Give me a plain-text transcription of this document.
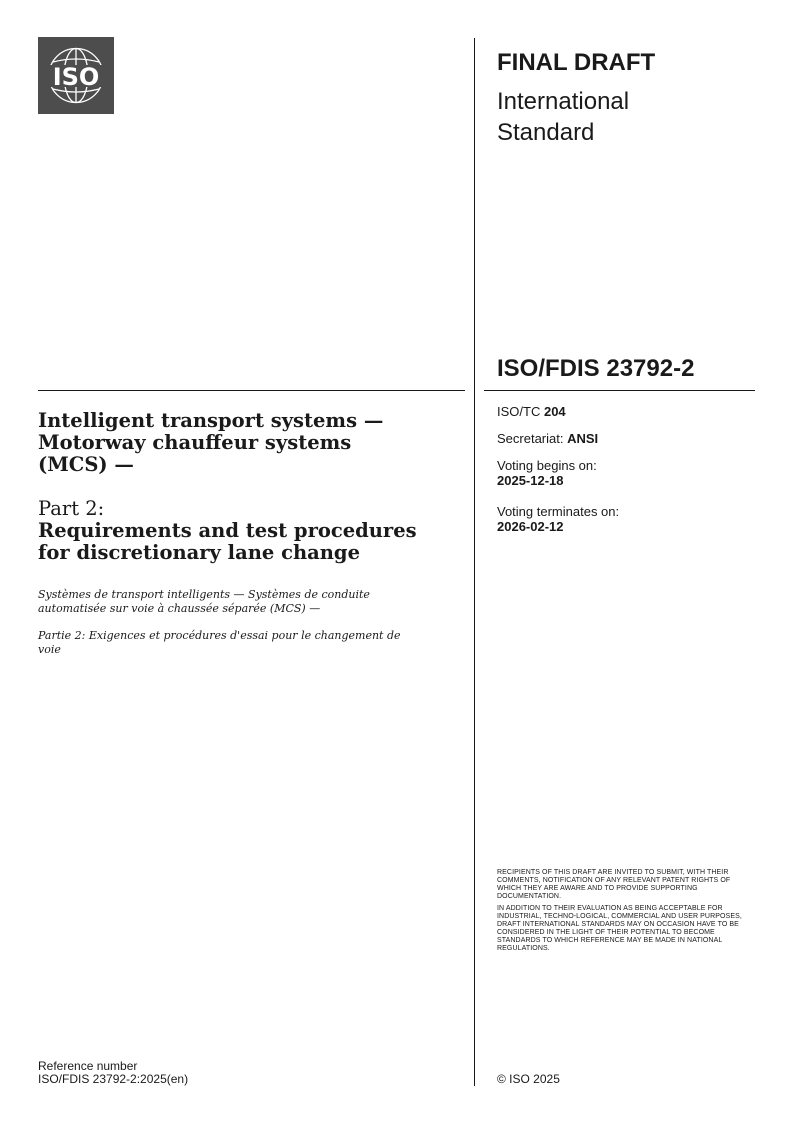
ISO
FINAL DRAFT
International
Standard
ISO/FDIS 23792-2
ISO/TC 204
Secretariat: ANSI
Voting begins on:
2025-12-18
Voting terminates on:
2026-02-12
Intelligent transport systems —
Motorway chauffeur systems
(MCS) —
Part 2:
Requirements and test procedures
for discretionary lane change
Systèmes de transport intelligents — Systèmes de conduite
automatisée sur voie à chaussée séparée (MCS) —
Partie 2: Exigences et procédures d'essai pour le changement de
voie

RECIPIENTS OF THIS DRAFT ARE INVITED TO SUBMIT, WITH THEIR COMMENTS, NOTIFICATION OF ANY RELEVANT PATENT RIGHTS OF WHICH THEY ARE AWARE AND TO PROVIDE SUPPORTING DOCUMENTATION.

IN ADDITION TO THEIR EVALUATION AS BEING ACCEPTABLE FOR INDUSTRIAL, TECHNO-LOGICAL, COMMERCIAL AND USER PURPOSES, DRAFT INTERNATIONAL STANDARDS MAY ON OCCASION HAVE TO BE CONSIDERED IN THE LIGHT OF THEIR POTENTIAL TO BECOME STANDARDS TO WHICH REFERENCE MAY BE MADE IN NATIONAL REGULATIONS.

Reference number
ISO/FDIS 23792-2:2025(en)	© ISO 2025
